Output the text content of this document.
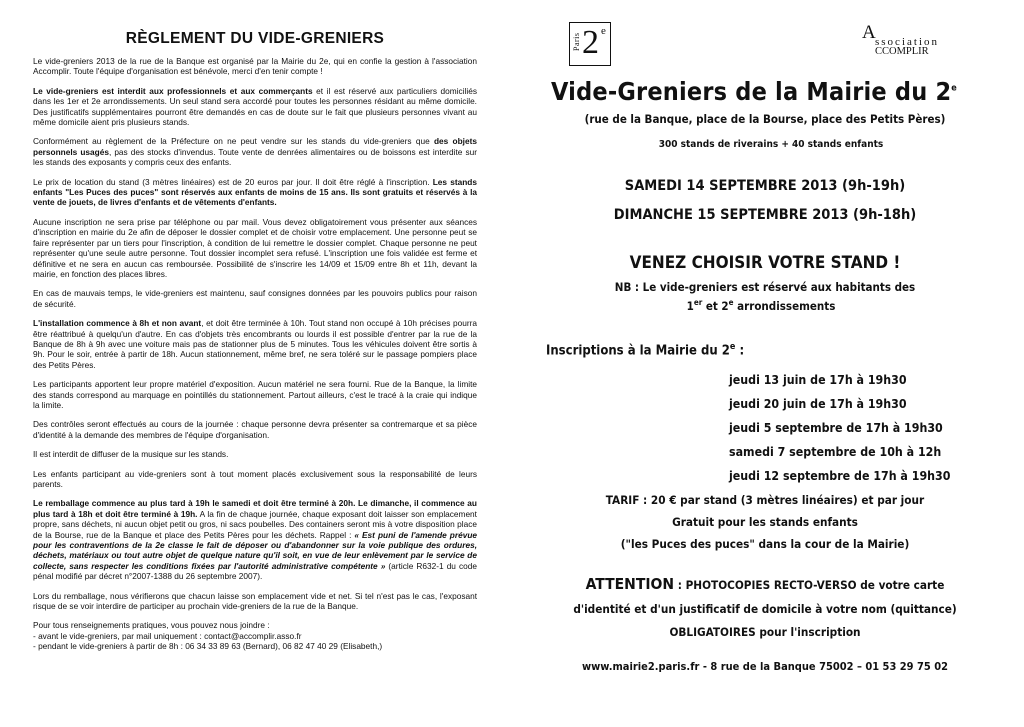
RÈGLEMENT DU VIDE-GRENIERS

Le vide-greniers 2013 de la rue de la Banque est organisé par la Mairie du 2e, qui en confie la gestion à l'association Accomplir. Toute l'équipe d'organisation est bénévole, merci d'en tenir compte !

Le vide-greniers est interdit aux professionnels et aux commerçants et il est réservé aux particuliers domiciliés dans les 1er et 2e arrondissements. Un seul stand sera accordé pour toutes les personnes résidant au même domicile. Des justificatifs supplémentaires pourront être demandés en cas de doute sur le fait que plusieurs personnes vivant au même domicile aient pris plusieurs stands.

Conformément au règlement de la Préfecture on ne peut vendre sur les stands du vide-greniers que des objets personnels usagés, pas des stocks d'invendus. Toute vente de denrées alimentaires ou de boissons est interdite sur les stands des exposants y compris ceux des enfants.

Le prix de location du stand (3 mètres linéaires) est de 20 euros par jour. Il doit être réglé à l'inscription. Les stands enfants "Les Puces des puces" sont réservés aux enfants de moins de 15 ans. Ils sont gratuits et réservés à la vente de jouets, de livres d'enfants et de vêtements d'enfants.

Aucune inscription ne sera prise par téléphone ou par mail. Vous devez obligatoirement vous présenter aux séances d'inscription en mairie du 2e afin de déposer le dossier complet et de choisir votre emplacement. Une personne peut se faire représenter par un tiers pour l'inscription, à condition de lui remettre le dossier complet. Chaque personne ne peut représenter qu'une seule autre personne. Tout dossier incomplet sera refusé. L'inscription une fois validée est ferme et définitive et ne sera en aucun cas remboursée. Possibilité de s'inscrire les 14/09 et 15/09 entre 8h et 11h, devant la mairie, en fonction des places libres.

En cas de mauvais temps, le vide-greniers est maintenu, sauf consignes données par les pouvoirs publics pour raison de sécurité.

L'installation commence à 8h et non avant, et doit être terminée à 10h. Tout stand non occupé à 10h précises pourra être réattribué à quelqu'un d'autre. En cas d'objets très encombrants ou lourds il est possible d'entrer par la rue de la Banque de 8h à 9h avec une voiture mais pas de stationner plus de 5 minutes. Tous les véhicules doivent être sortis à 9h. Pour le soir, entrée à partir de 18h. Aucun stationnement, même bref, ne sera toléré sur le passage pompiers place des Petits Pères.

Les participants apportent leur propre matériel d'exposition. Aucun matériel ne sera fourni. Rue de la Banque, la limite des stands correspond au marquage en pointillés du stationnement. Partout ailleurs, c'est le tracé à la craie qui indique la limite.

Des contrôles seront effectués au cours de la journée : chaque personne devra présenter sa contremarque et sa pièce d'identité à la demande des membres de l'équipe d'organisation.

Il est interdit de diffuser de la musique sur les stands.

Les enfants participant au vide-greniers sont à tout moment placés exclusivement sous la responsabilité de leurs parents.

Le remballage commence au plus tard à 19h le samedi et doit être terminé à 20h. Le dimanche, il commence au plus tard à 18h et doit être terminé à 19h. A la fin de chaque journée, chaque exposant doit laisser son emplacement propre, sans déchets, ni aucun objet petit ou gros, ni sacs poubelles. Des containers seront mis à votre disposition place de la Bourse, rue de la Banque et place des Petits Pères pour les déchets. Rappel : « Est puni de l'amende prévue pour les contraventions de la 2e classe le fait de déposer ou d'abandonner sur la voie publique des ordures, déchets, matériaux ou tout autre objet de quelque nature qu'il soit, en vue de leur enlèvement par le service de collecte, sans respecter les conditions fixées par l'autorité administrative compétente » (article R632-1 du code pénal modifié par décret n°2007-1388 du 26 septembre 2007).

Lors du remballage, nous vérifierons que chacun laisse son emplacement vide et net. Si tel n'est pas le cas, l'exposant risque de se voir interdire de participer au prochain vide-greniers de la rue de la Banque.

Pour tous renseignements pratiques, vous pouvez nous joindre :
- avant le vide-greniers, par mail uniquement : contact@accomplir.asso.fr
- pendant le vide-greniers à partir de 8h : 06 34 33 89 63 (Bernard), 06 82 47 40 29 (Elisabeth,)

Paris 2 e	A ssociation
CCOMPLIR
Vide-Greniers de la Mairie du 2e
(rue de la Banque, place de la Bourse, place des Petits Pères)
300 stands de riverains + 40 stands enfants
SAMEDI 14 SEPTEMBRE 2013 (9h-19h)
DIMANCHE 15 SEPTEMBRE 2013 (9h-18h)
VENEZ CHOISIR VOTRE STAND !
NB : Le vide-greniers est réservé aux habitants des
1er et 2e arrondissements
Inscriptions à la Mairie du 2e :
jeudi 13 juin de 17h à 19h30
jeudi 20 juin de 17h à 19h30
jeudi 5 septembre de 17h à 19h30
samedi 7 septembre de 10h à 12h
jeudi 12 septembre de 17h à 19h30
TARIF : 20 € par stand (3 mètres linéaires) et par jour
Gratuit pour les stands enfants
("les Puces des puces" dans la cour de la Mairie)
ATTENTION : PHOTOCOPIES RECTO-VERSO de votre carte
d'identité et d'un justificatif de domicile à votre nom (quittance)
OBLIGATOIRES pour l'inscription
www.mairie2.paris.fr - 8 rue de la Banque 75002 – 01 53 29 75 02
